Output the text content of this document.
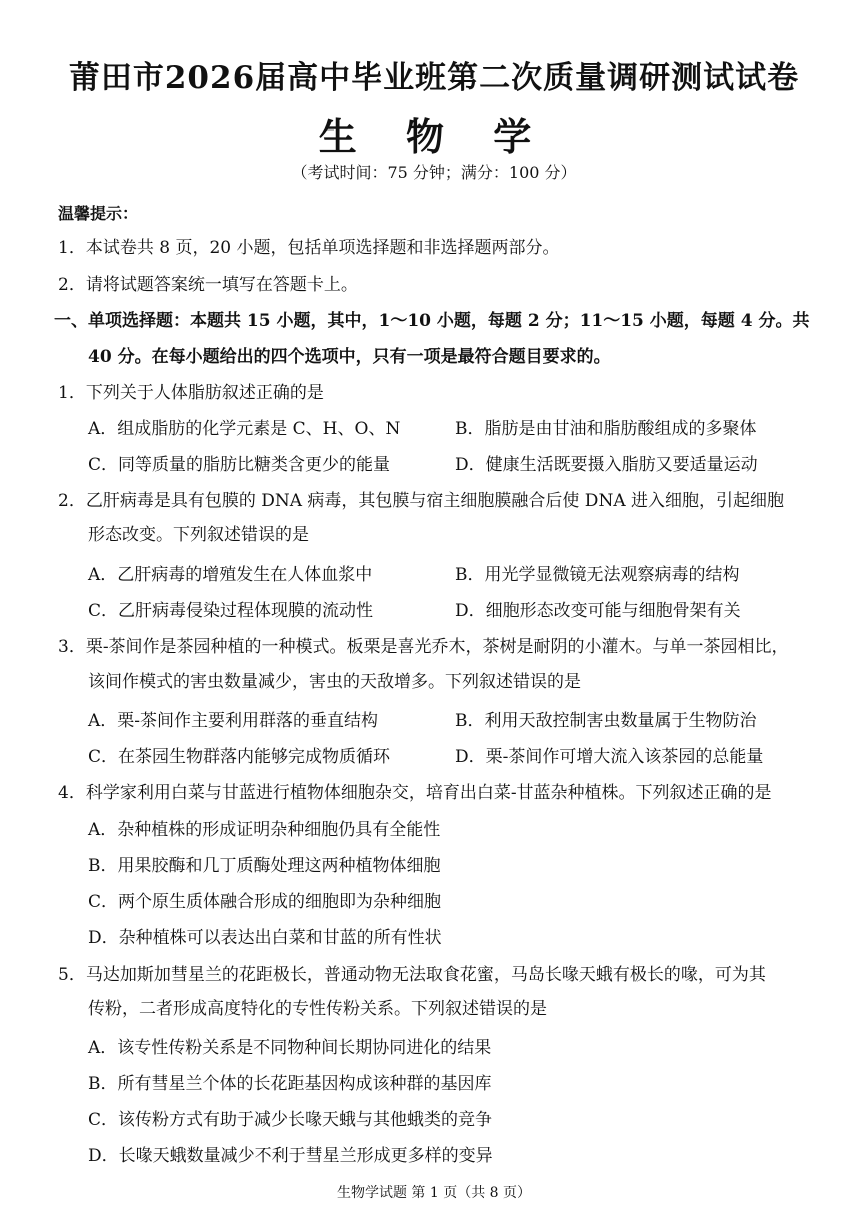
莆田市2026届高中毕业班第二次质量调研测试试卷
生 物 学
（考试时间：75 分钟；满分：100 分）
温馨提示：
1．本试卷共 8 页，20 小题，包括单项选择题和非选择题两部分。
2．请将试题答案统一填写在答题卡上。
一、单项选择题：本题共 15 小题，其中，1～10 小题，每题 2 分；11～15 小题，每题 4 分。共
40 分。在每小题给出的四个选项中，只有一项是最符合题目要求的。
1．下列关于人体脂肪叙述正确的是
A．组成脂肪的化学元素是 C、H、O、N	B．脂肪是由甘油和脂肪酸组成的多聚体
C．同等质量的脂肪比糖类含更少的能量	D．健康生活既要摄入脂肪又要适量运动
2．乙肝病毒是具有包膜的 DNA 病毒，其包膜与宿主细胞膜融合后使 DNA 进入细胞，引起细胞
形态改变。下列叙述错误的是
A．乙肝病毒的增殖发生在人体血浆中	B．用光学显微镜无法观察病毒的结构
C．乙肝病毒侵染过程体现膜的流动性	D．细胞形态改变可能与细胞骨架有关
3．栗-茶间作是茶园种植的一种模式。板栗是喜光乔木，茶树是耐阴的小灌木。与单一茶园相比，
该间作模式的害虫数量减少，害虫的天敌增多。下列叙述错误的是
A．栗-茶间作主要利用群落的垂直结构	B．利用天敌控制害虫数量属于生物防治
C．在茶园生物群落内能够完成物质循环	D．栗-茶间作可增大流入该茶园的总能量
4．科学家利用白菜与甘蓝进行植物体细胞杂交，培育出白菜-甘蓝杂种植株。下列叙述正确的是
A．杂种植株的形成证明杂种细胞仍具有全能性
B．用果胶酶和几丁质酶处理这两种植物体细胞
C．两个原生质体融合形成的细胞即为杂种细胞
D．杂种植株可以表达出白菜和甘蓝的所有性状
5．马达加斯加彗星兰的花距极长，普通动物无法取食花蜜，马岛长喙天蛾有极长的喙，可为其
传粉，二者形成高度特化的专性传粉关系。下列叙述错误的是
A．该专性传粉关系是不同物种间长期协同进化的结果
B．所有彗星兰个体的长花距基因构成该种群的基因库
C．该传粉方式有助于减少长喙天蛾与其他蛾类的竞争
D．长喙天蛾数量减少不利于彗星兰形成更多样的变异
生物学试题 第 1 页（共 8 页）
